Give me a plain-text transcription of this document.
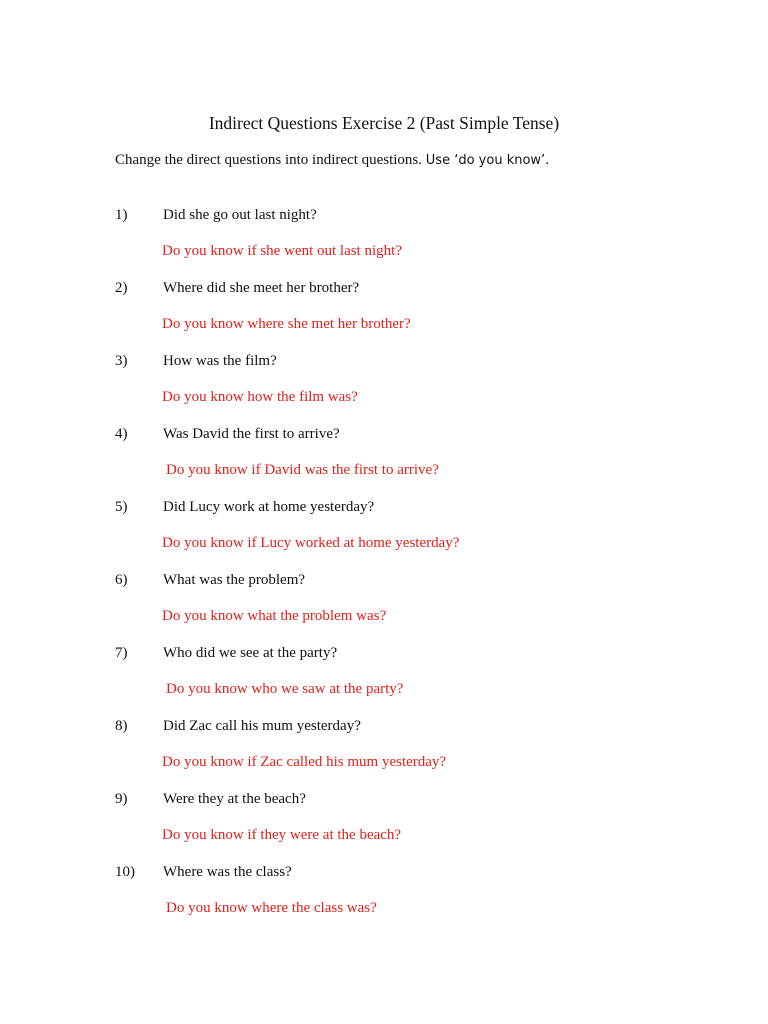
Indirect Questions Exercise 2 (Past Simple Tense)
Change the direct questions into indirect questions. Use ‘do you know’.
1) Did she go out last night?
Do you know if she went out last night?
2) Where did she meet her brother?
Do you know where she met her brother?
3) How was the film?
Do you know how the film was?
4) Was David the first to arrive?
Do you know if David was the first to arrive?
5) Did Lucy work at home yesterday?
Do you know if Lucy worked at home yesterday?
6) What was the problem?
Do you know what the problem was?
7) Who did we see at the party?
Do you know who we saw at the party?
8) Did Zac call his mum yesterday?
Do you know if Zac called his mum yesterday?
9) Were they at the beach?
Do you know if they were at the beach?
10) Where was the class?
Do you know where the class was?
